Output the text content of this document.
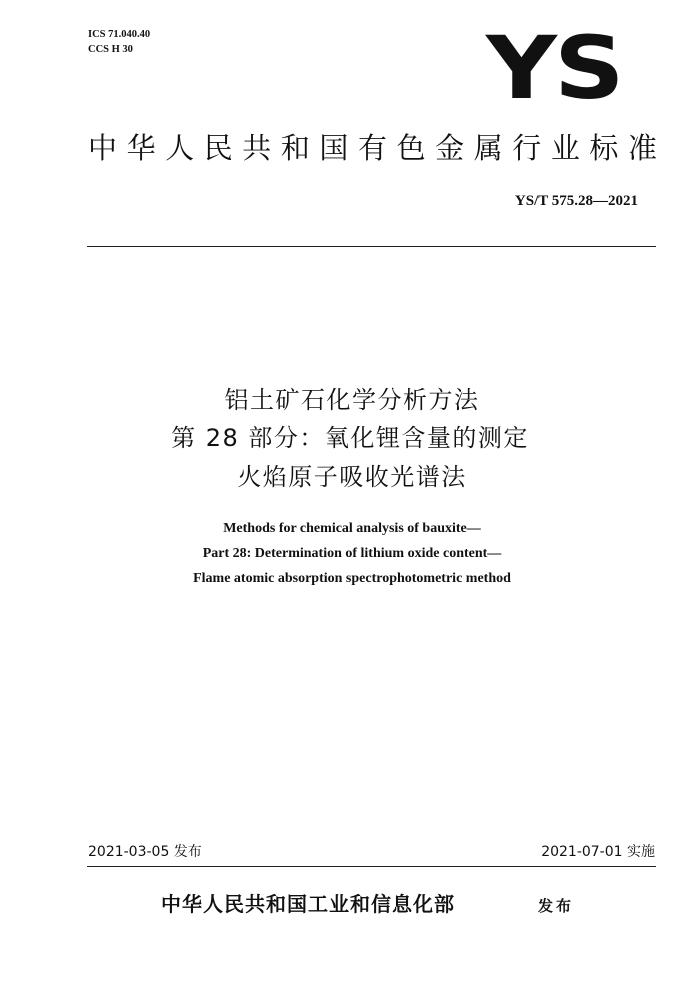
ICS 71.040.40
CCS H 30	YS
中华人民共和国有色金属行业标准
YS/T 575.28—2021
铝土矿石化学分析方法
第 28 部分：氧化锂含量的测定
火焰原子吸收光谱法
Methods for chemical analysis of bauxite—
Part 28: Determination of lithium oxide content—
Flame atomic absorption spectrophotometric method
2021-03-05 发布	2021-07-01 实施
中华人民共和国工业和信息化部	发布
